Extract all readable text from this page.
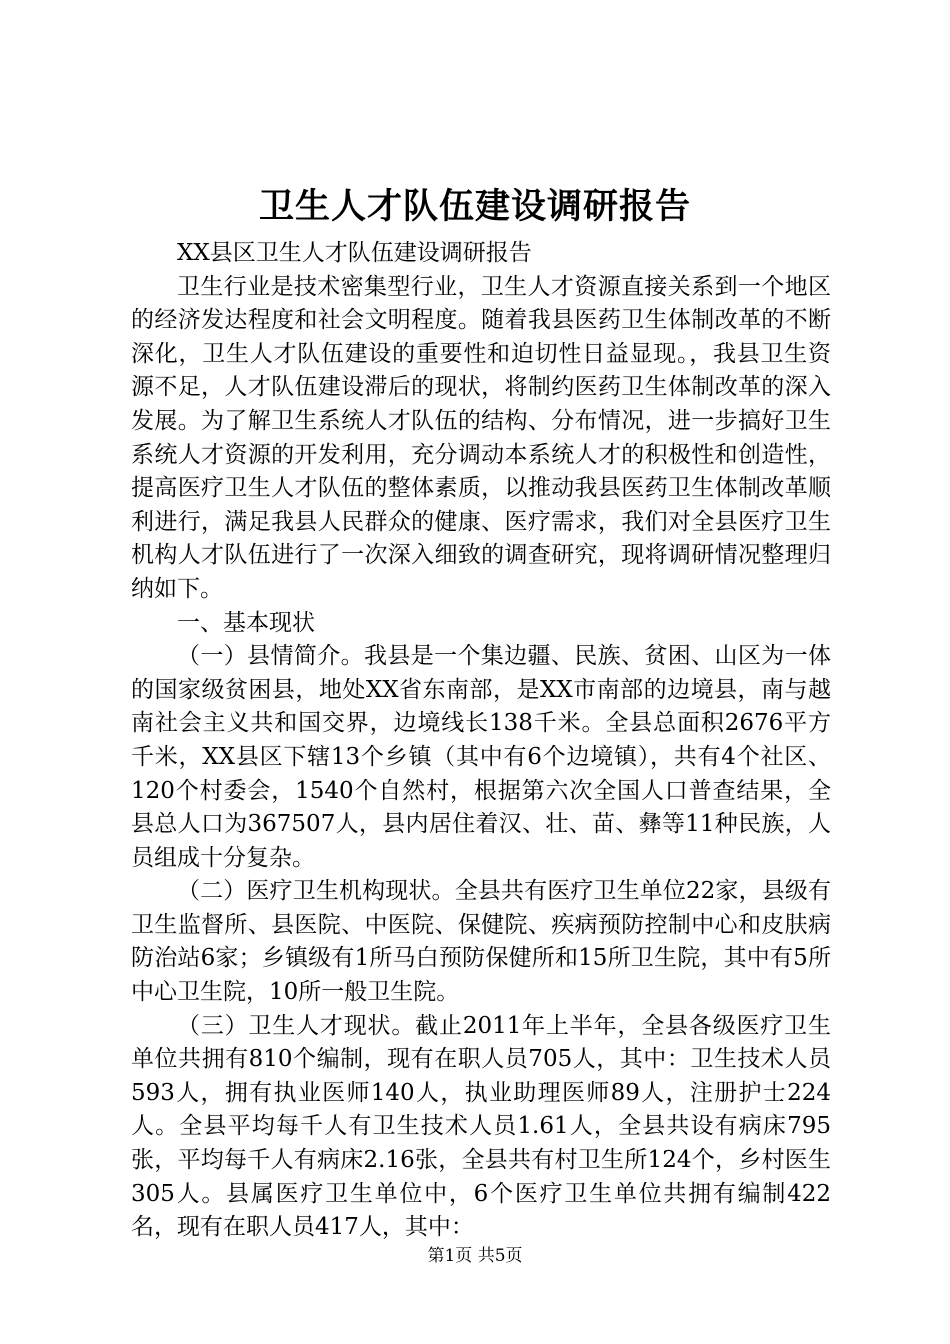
卫生人才队伍建设调研报告

XX县区卫生人才队伍建设调研报告

卫生行业是技术密集型行业，卫生人才资源直接关系到一个地区的经济发达程度和社会文明程度。随着我县医药卫生体制改革的不断深化，卫生人才队伍建设的重要性和迫切性日益显现。，我县卫生资源不足，人才队伍建设滞后的现状，将制约医药卫生体制改革的深入发展。为了解卫生系统人才队伍的结构、分布情况，进一步搞好卫生系统人才资源的开发利用，充分调动本系统人才的积极性和创造性，提高医疗卫生人才队伍的整体素质，以推动我县医药卫生体制改革顺利进行，满足我县人民群众的健康、医疗需求，我们对全县医疗卫生机构人才队伍进行了一次深入细致的调查研究，现将调研情况整理归纳如下。

一、基本现状

（一）县情简介。我县是一个集边疆、民族、贫困、山区为一体的国家级贫困县，地处XX省东南部，是XX市南部的边境县，南与越南社会主义共和国交界，边境线长138千米。全县总面积2676平方千米，XX县区下辖13个乡镇（其中有6个边境镇），共有4个社区、120个村委会，1540个自然村，根据第六次全国人口普查结果，全县总人口为367507人，县内居住着汉、壮、苗、彝等11种民族，人员组成十分复杂。

（二）医疗卫生机构现状。全县共有医疗卫生单位22家，县级有卫生监督所、县医院、中医院、保健院、疾病预防控制中心和皮肤病防治站6家；乡镇级有1所马白预防保健所和15所卫生院，其中有5所中心卫生院，10所一般卫生院。

（三）卫生人才现状。截止2011年上半年，全县各级医疗卫生单位共拥有810个编制，现有在职人员705人，其中：卫生技术人员593人，拥有执业医师140人，执业助理医师89人，注册护士224人。全县平均每千人有卫生技术人员1.61人，全县共设有病床795张，平均每千人有病床2.16张，全县共有村卫生所124个，乡村医生305人。县属医疗卫生单位中，6个医疗卫生单位共拥有编制422名，现有在职人员417人，其中：

第1页 共5页
